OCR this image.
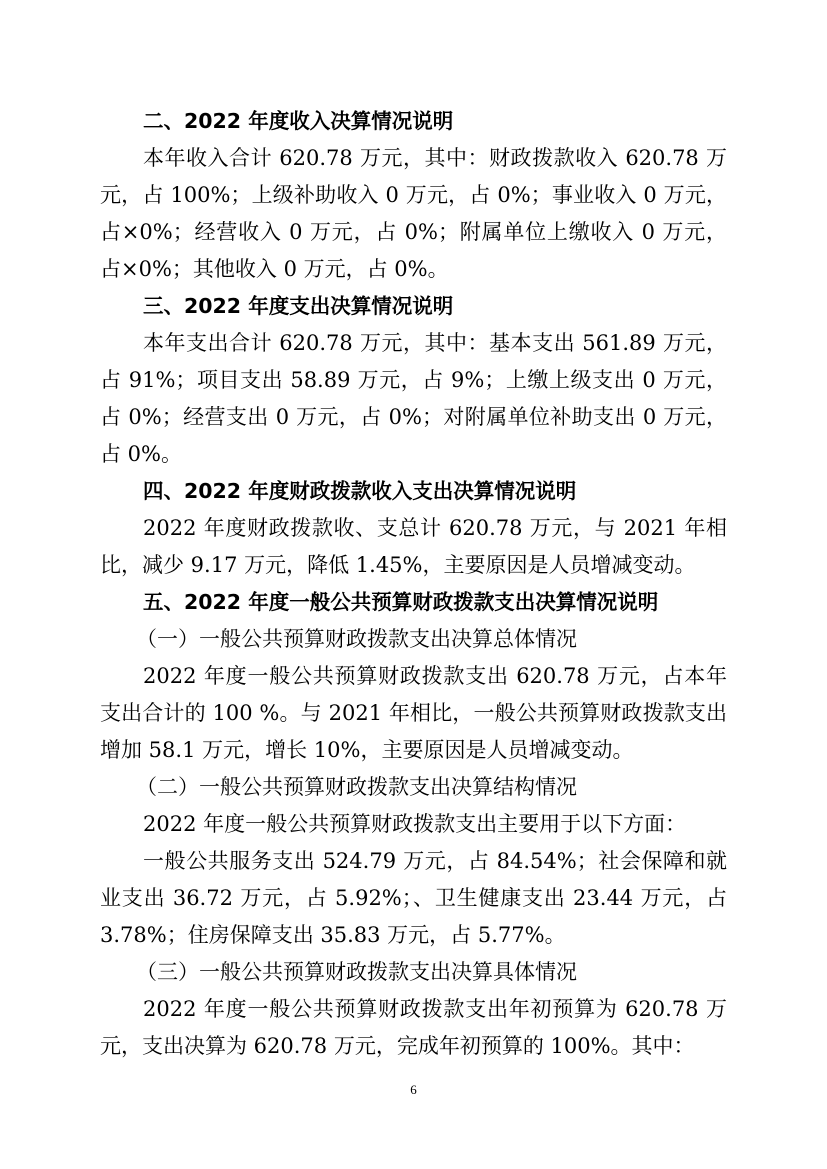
二、2022 年度收入决算情况说明

本年收入合计 620.78 万元，其中：财政拨款收入 620.78 万元，占 100%；上级补助收入 0 万元，占 0%；事业收入 0 万元，占×0%；经营收入 0 万元，占 0%；附属单位上缴收入 0 万元，占×0%；其他收入 0 万元，占 0%。

三、2022 年度支出决算情况说明

本年支出合计 620.78 万元，其中：基本支出 561.89 万元，占 91%；项目支出 58.89 万元，占 9%；上缴上级支出 0 万元，占 0%；经营支出 0 万元，占 0%；对附属单位补助支出 0 万元，占 0%。

四、2022 年度财政拨款收入支出决算情况说明

2022 年度财政拨款收、支总计 620.78 万元，与 2021 年相比，减少 9.17 万元，降低 1.45%，主要原因是人员增减变动。

五、2022 年度一般公共预算财政拨款支出决算情况说明

（一）一般公共预算财政拨款支出决算总体情况

2022 年度一般公共预算财政拨款支出 620.78 万元，占本年支出合计的 100 %。与 2021 年相比，一般公共预算财政拨款支出增加 58.1 万元，增长 10%，主要原因是人员增减变动。

（二）一般公共预算财政拨款支出决算结构情况

2022 年度一般公共预算财政拨款支出主要用于以下方面：

一般公共服务支出 524.79 万元，占 84.54%；社会保障和就业支出 36.72 万元，占 5.92%；、卫生健康支出 23.44 万元，占 3.78%；住房保障支出 35.83 万元，占 5.77%。

（三）一般公共预算财政拨款支出决算具体情况

2022 年度一般公共预算财政拨款支出年初预算为 620.78 万元，支出决算为 620.78 万元，完成年初预算的 100%。其中：

6
